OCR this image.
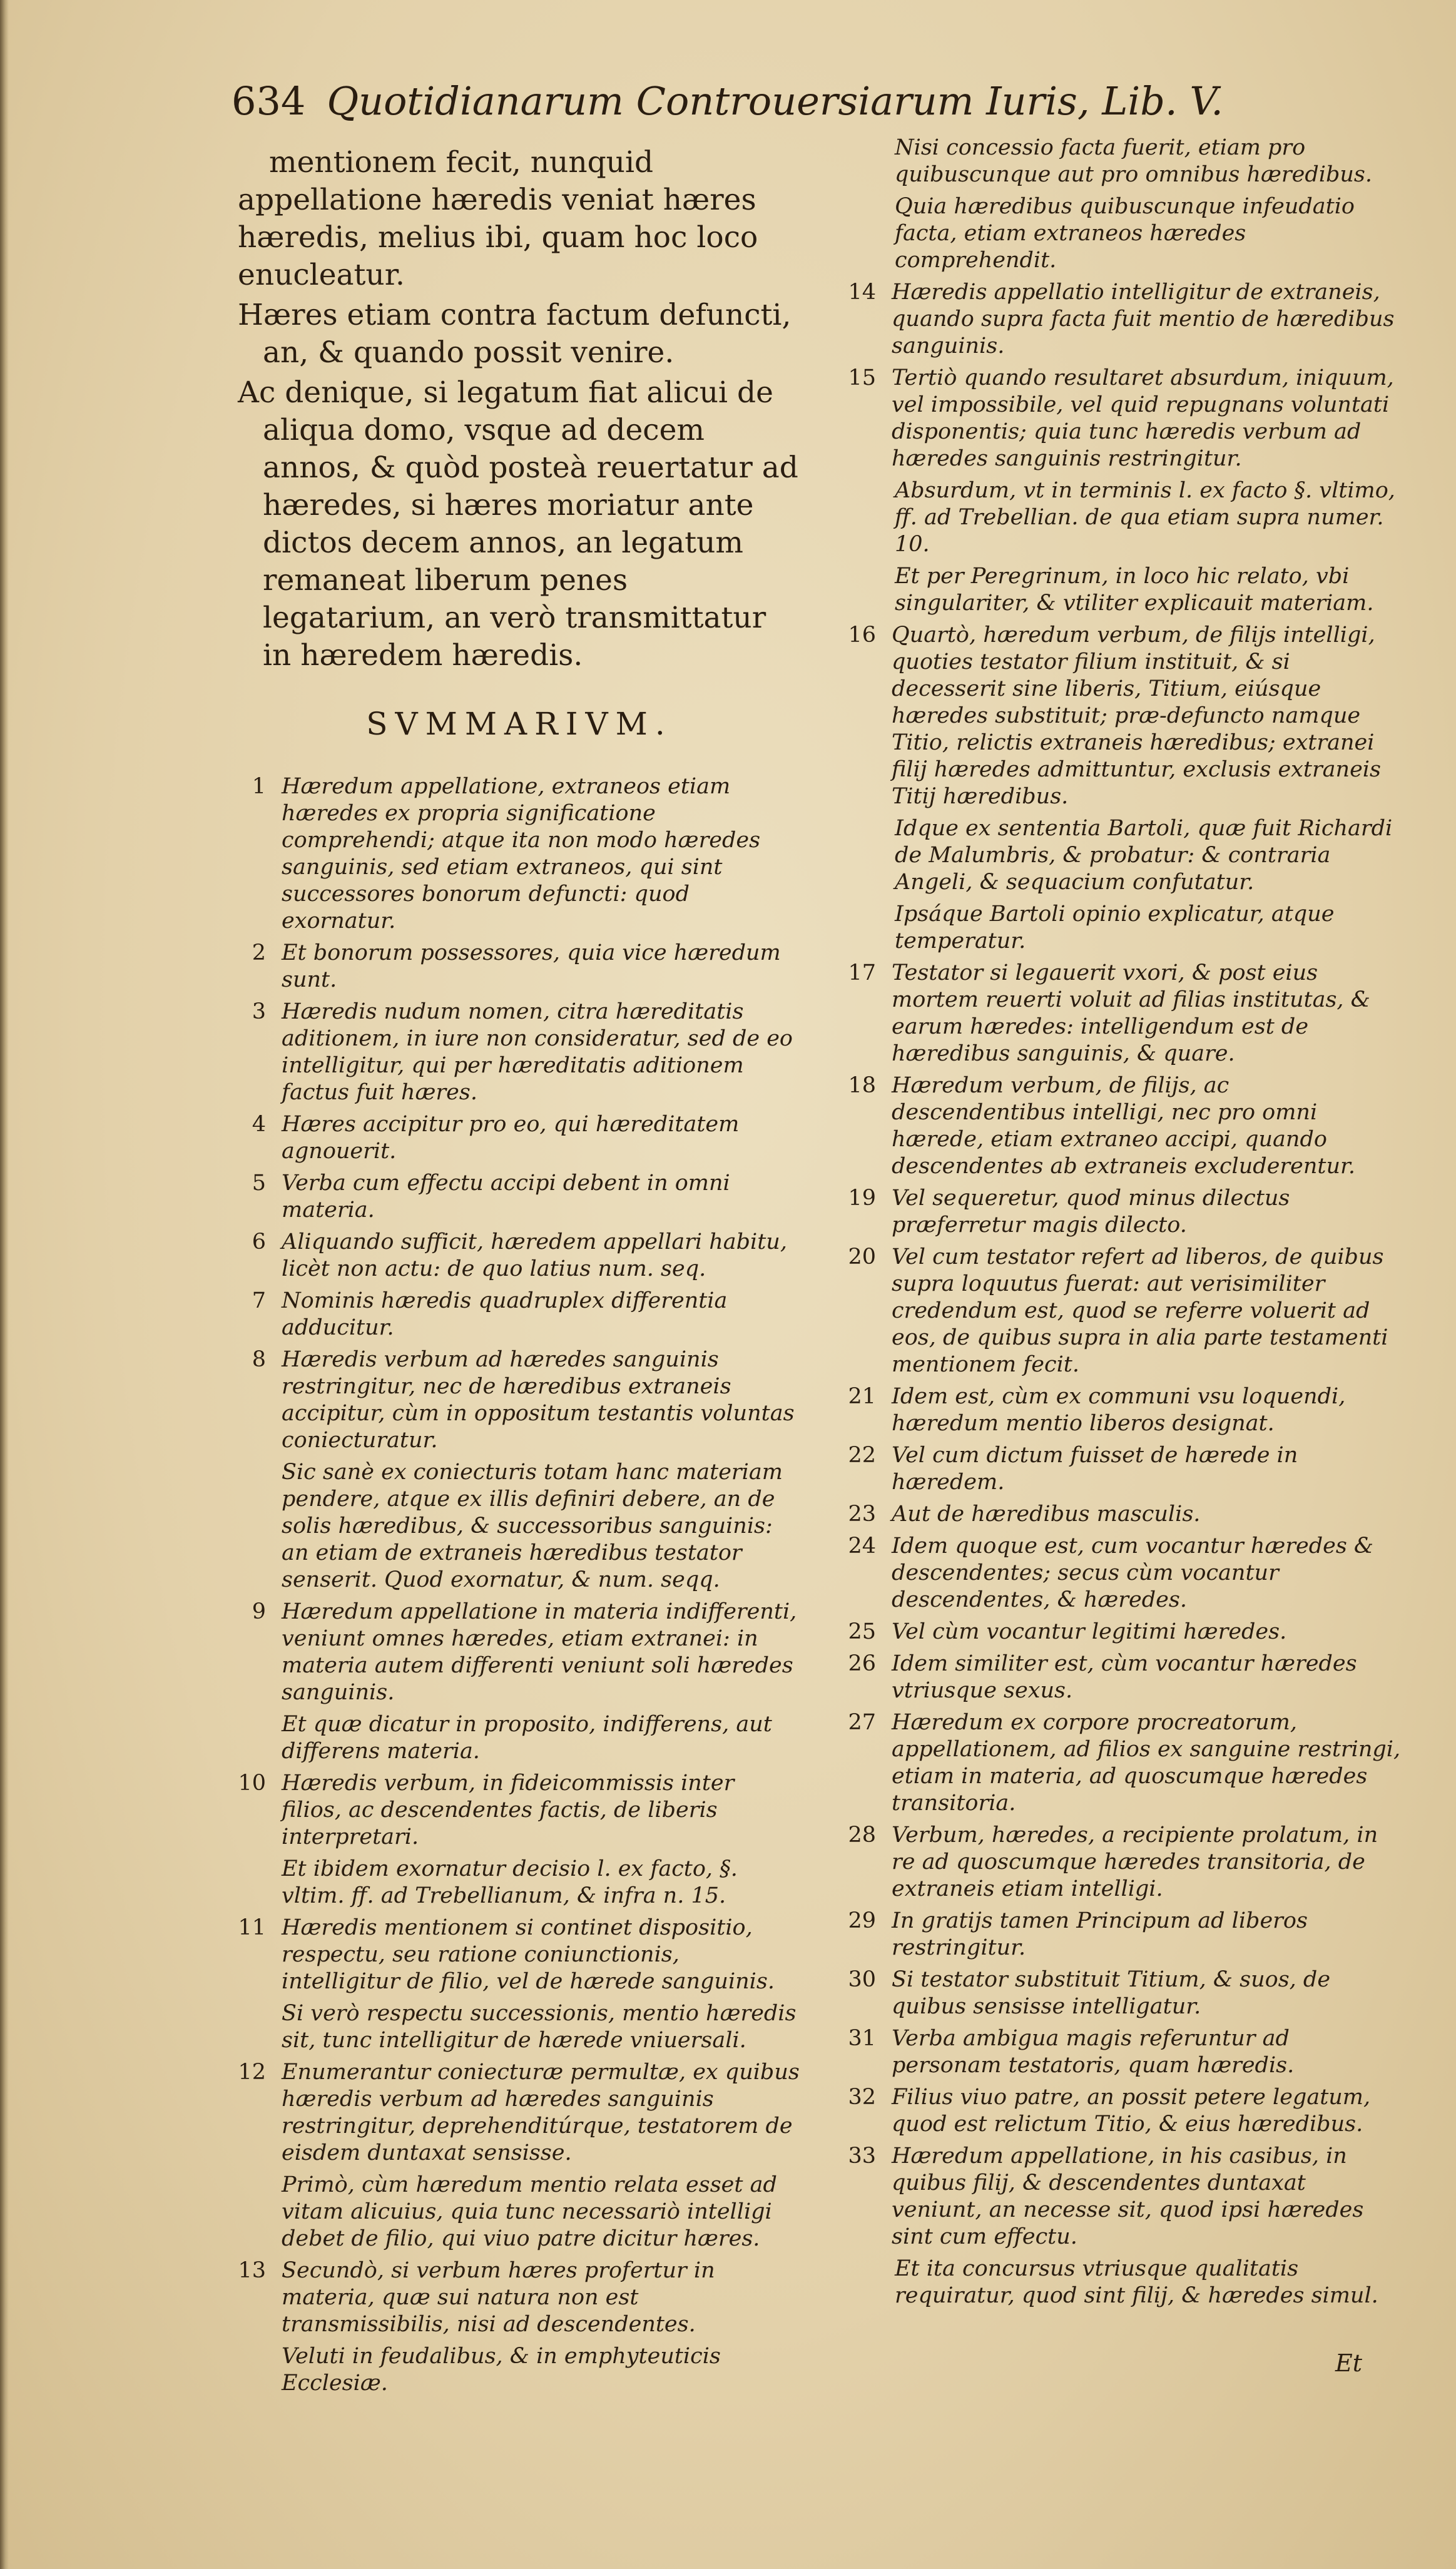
634 Quotidianarum Controuersiarum Iuris, Lib. V.

mentionem fecit, nunquid appellatione hæredis veniat hæres hæredis, melius ibi, quam hoc loco enucleatur.

Hæres etiam contra factum defuncti, an, & quando possit venire.

Ac denique, si legatum fiat alicui de aliqua domo, vsque ad decem annos, & quòd posteà reuertatur ad hæredes, si hæres moriatur ante dictos decem annos, an legatum remaneat liberum penes legatarium, an verò transmittatur in hæredem hæredis.

SVMMARIVM.
1 Hæredum appellatione, extraneos etiam hæredes ex propria significatione comprehendi; atque ita non modo hæredes sanguinis, sed etiam extraneos, qui sint successores bonorum defuncti: quod exornatur.
2 Et bonorum possessores, quia vice hæredum sunt.
3 Hæredis nudum nomen, citra hæreditatis aditionem, in iure non consideratur, sed de eo intelligitur, qui per hæreditatis aditionem factus fuit hæres.
4 Hæres accipitur pro eo, qui hæreditatem agnouerit.
5 Verba cum effectu accipi debent in omni materia.
6 Aliquando sufficit, hæredem appellari habitu, licèt non actu: de quo latius num. seq.
7 Nominis hæredis quadruplex differentia adducitur.
8 Hæredis verbum ad hæredes sanguinis restringitur, nec de hæredibus extraneis accipitur, cùm in oppositum testantis voluntas coniecturatur.
Sic sanè ex coniecturis totam hanc materiam pendere, atque ex illis definiri debere, an de solis hæredibus, & successoribus sanguinis: an etiam de extraneis hæredibus testator senserit. Quod exornatur, & num. seqq.
9 Hæredum appellatione in materia indifferenti, veniunt omnes hæredes, etiam extranei: in materia autem differenti veniunt soli hæredes sanguinis.
Et quæ dicatur in proposito, indifferens, aut differens materia.
10 Hæredis verbum, in fideicommissis inter filios, ac descendentes factis, de liberis interpretari.
Et ibidem exornatur decisio l. ex facto, §. vltim. ff. ad Trebellianum, & infra n. 15.
11 Hæredis mentionem si continet dispositio, respectu, seu ratione coniunctionis, intelligitur de filio, vel de hærede sanguinis.
Si verò respectu successionis, mentio hæredis sit, tunc intelligitur de hærede vniuersali.
12 Enumerantur coniecturæ permultæ, ex quibus hæredis verbum ad hæredes sanguinis restringitur, deprehenditúrque, testatorem de eisdem duntaxat sensisse.
Primò, cùm hæredum mentio relata esset ad vitam alicuius, quia tunc necessariò intelligi debet de filio, qui viuo patre dicitur hæres.
13 Secundò, si verbum hæres profertur in materia, quæ sui natura non est transmissibilis, nisi ad descendentes.
Veluti in feudalibus, & in emphyteuticis Ecclesiæ.
Nisi concessio facta fuerit, etiam pro quibuscunque aut pro omnibus hæredibus.
Quia hæredibus quibuscunque infeudatio facta, etiam extraneos hæredes comprehendit.
14 Hæredis appellatio intelligitur de extraneis, quando supra facta fuit mentio de hæredibus sanguinis.
15 Tertiò quando resultaret absurdum, iniquum, vel impossibile, vel quid repugnans voluntati disponentis; quia tunc hæredis verbum ad hæredes sanguinis restringitur.
Absurdum, vt in terminis l. ex facto §. vltimo, ff. ad Trebellian. de qua etiam supra numer. 10.
Et per Peregrinum, in loco hic relato, vbi singulariter, & vtiliter explicauit materiam.
16 Quartò, hæredum verbum, de filijs intelligi, quoties testator filium instituit, & si decesserit sine liberis, Titium, eiúsque hæredes substituit; præ-defuncto namque Titio, relictis extraneis hæredibus; extranei filij hæredes admittuntur, exclusis extraneis Titij hæredibus.
Idque ex sententia Bartoli, quæ fuit Richardi de Malumbris, & probatur: & contraria Angeli, & sequacium confutatur.
Ipsáque Bartoli opinio explicatur, atque temperatur.
17 Testator si legauerit vxori, & post eius mortem reuerti voluit ad filias institutas, & earum hæredes: intelligendum est de hæredibus sanguinis, & quare.
18 Hæredum verbum, de filijs, ac descendentibus intelligi, nec pro omni hærede, etiam extraneo accipi, quando descendentes ab extraneis excluderentur.
19 Vel sequeretur, quod minus dilectus præferretur magis dilecto.
20 Vel cum testator refert ad liberos, de quibus supra loquutus fuerat: aut verisimiliter credendum est, quod se referre voluerit ad eos, de quibus supra in alia parte testamenti mentionem fecit.
21 Idem est, cùm ex communi vsu loquendi, hæredum mentio liberos designat.
22 Vel cum dictum fuisset de hærede in hæredem.
23 Aut de hæredibus masculis.
24 Idem quoque est, cum vocantur hæredes & descendentes; secus cùm vocantur descendentes, & hæredes.
25 Vel cùm vocantur legitimi hæredes.
26 Idem similiter est, cùm vocantur hæredes vtriusque sexus.
27 Hæredum ex corpore procreatorum, appellationem, ad filios ex sanguine restringi, etiam in materia, ad quoscumque hæredes transitoria.
28 Verbum, hæredes, a recipiente prolatum, in re ad quoscumque hæredes transitoria, de extraneis etiam intelligi.
29 In gratijs tamen Principum ad liberos restringitur.
30 Si testator substituit Titium, & suos, de quibus sensisse intelligatur.
31 Verba ambigua magis referuntur ad personam testatoris, quam hæredis.
32 Filius viuo patre, an possit petere legatum, quod est relictum Titio, & eius hæredibus.
33 Hæredum appellatione, in his casibus, in quibus filij, & descendentes duntaxat veniunt, an necesse sit, quod ipsi hæredes sint cum effectu.
Et ita concursus vtriusque qualitatis requiratur, quod sint filij, & hæredes simul.
Et
